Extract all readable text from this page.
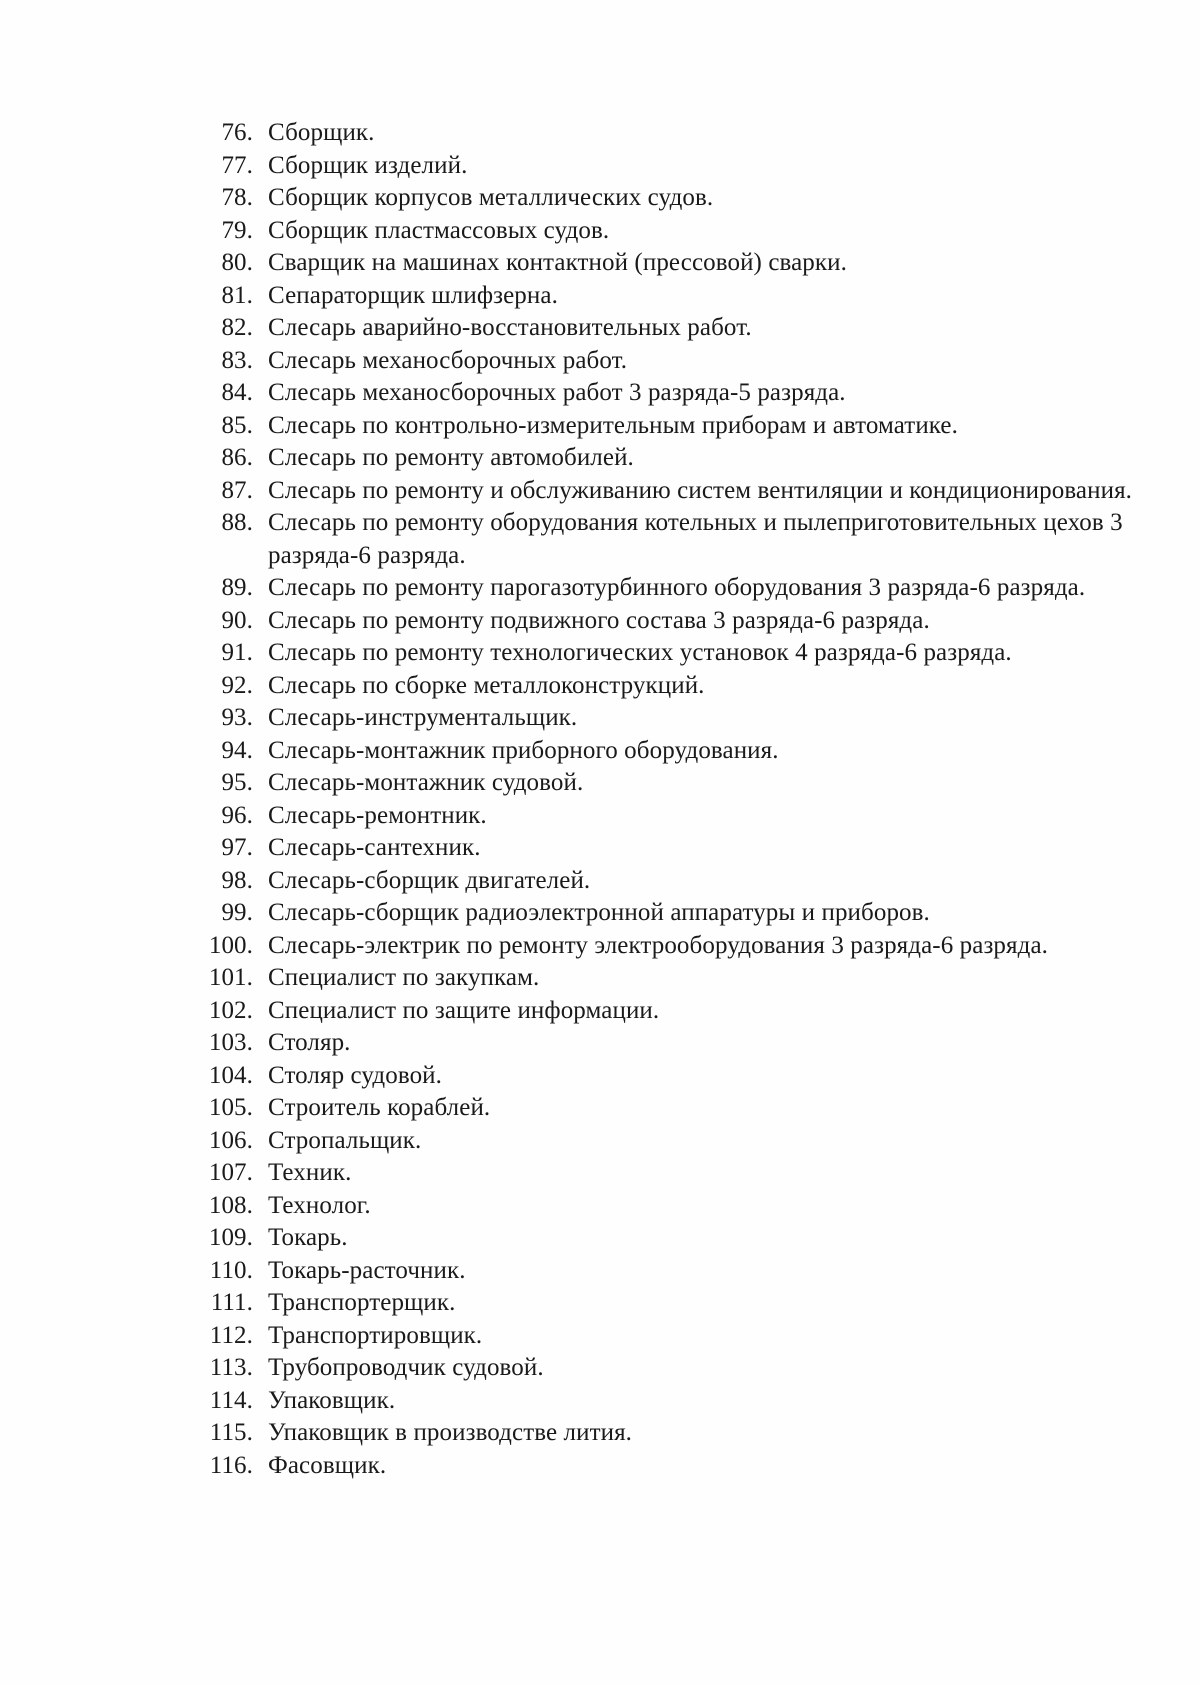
76. Сборщик.
77. Сборщик изделий.
78. Сборщик корпусов металлических судов.
79. Сборщик пластмассовых судов.
80. Сварщик на машинах контактной (прессовой) сварки.
81. Сепараторщик шлифзерна.
82. Слесарь аварийно-восстановительных работ.
83. Слесарь механосборочных работ.
84. Слесарь механосборочных работ 3 разряда-5 разряда.
85. Слесарь по контрольно-измерительным приборам и автоматике.
86. Слесарь по ремонту автомобилей.
87. Слесарь по ремонту и обслуживанию систем вентиляции и кондиционирования.
88. Слесарь по ремонту оборудования котельных и пылеприготовительных цехов 3 разряда-6 разряда.
89. Слесарь по ремонту парогазотурбинного оборудования 3 разряда-6 разряда.
90. Слесарь по ремонту подвижного состава 3 разряда-6 разряда.
91. Слесарь по ремонту технологических установок 4 разряда-6 разряда.
92. Слесарь по сборке металлоконструкций.
93. Слесарь-инструментальщик.
94. Слесарь-монтажник приборного оборудования.
95. Слесарь-монтажник судовой.
96. Слесарь-ремонтник.
97. Слесарь-сантехник.
98. Слесарь-сборщик двигателей.
99. Слесарь-сборщик радиоэлектронной аппаратуры и приборов.
100. Слесарь-электрик по ремонту электрооборудования 3 разряда-6 разряда.
101. Специалист по закупкам.
102. Специалист по защите информации.
103. Столяр.
104. Столяр судовой.
105. Строитель кораблей.
106. Стропальщик.
107. Техник.
108. Технолог.
109. Токарь.
110. Токарь-расточник.
111. Транспортерщик.
112. Транспортировщик.
113. Трубопроводчик судовой.
114. Упаковщик.
115. Упаковщик в производстве лития.
116. Фасовщик.
